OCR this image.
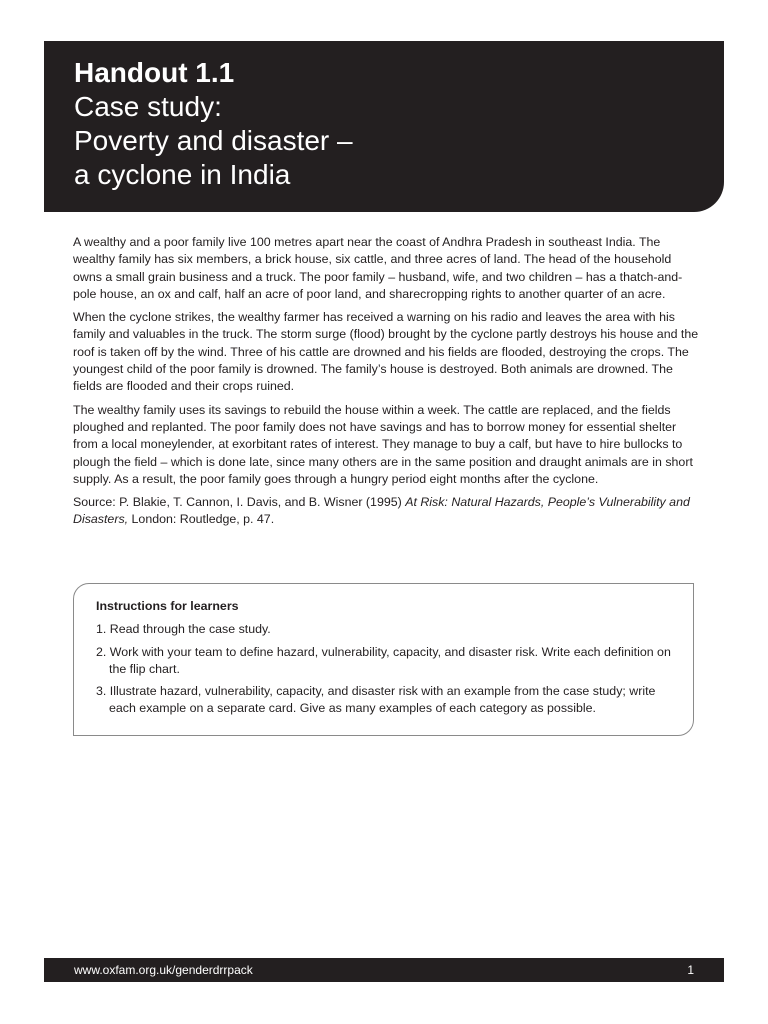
Handout 1.1
Case study:
Poverty and disaster –
a cyclone in India

A wealthy and a poor family live 100 metres apart near the coast of Andhra Pradesh in southeast India. The wealthy family has six members, a brick house, six cattle, and three acres of land. The head of the household owns a small grain business and a truck. The poor family – husband, wife, and two children – has a thatch-and-pole house, an ox and calf, half an acre of poor land, and sharecropping rights to another quarter of an acre.

When the cyclone strikes, the wealthy farmer has received a warning on his radio and leaves the area with his family and valuables in the truck. The storm surge (flood) brought by the cyclone partly destroys his house and the roof is taken off by the wind. Three of his cattle are drowned and his fields are flooded, destroying the crops. The youngest child of the poor family is drowned. The family’s house is destroyed. Both animals are drowned. The fields are flooded and their crops ruined.

The wealthy family uses its savings to rebuild the house within a week. The cattle are replaced, and the fields ploughed and replanted. The poor family does not have savings and has to borrow money for essential shelter from a local moneylender, at exorbitant rates of interest. They manage to buy a calf, but have to hire bullocks to plough the field – which is done late, since many others are in the same position and draught animals are in short supply. As a result, the poor family goes through a hungry period eight months after the cyclone.

Source: P. Blakie, T. Cannon, I. Davis, and B. Wisner (1995) At Risk: Natural Hazards, People’s Vulnerability and Disasters, London: Routledge, p. 47.

Instructions for learners
1. Read through the case study.
2. Work with your team to define hazard, vulnerability, capacity, and disaster risk. Write each definition on the flip chart.
3. Illustrate hazard, vulnerability, capacity, and disaster risk with an example from the case study; write each example on a separate card. Give as many examples of each category as possible.
www.oxfam.org.uk/genderdrrpack	1
